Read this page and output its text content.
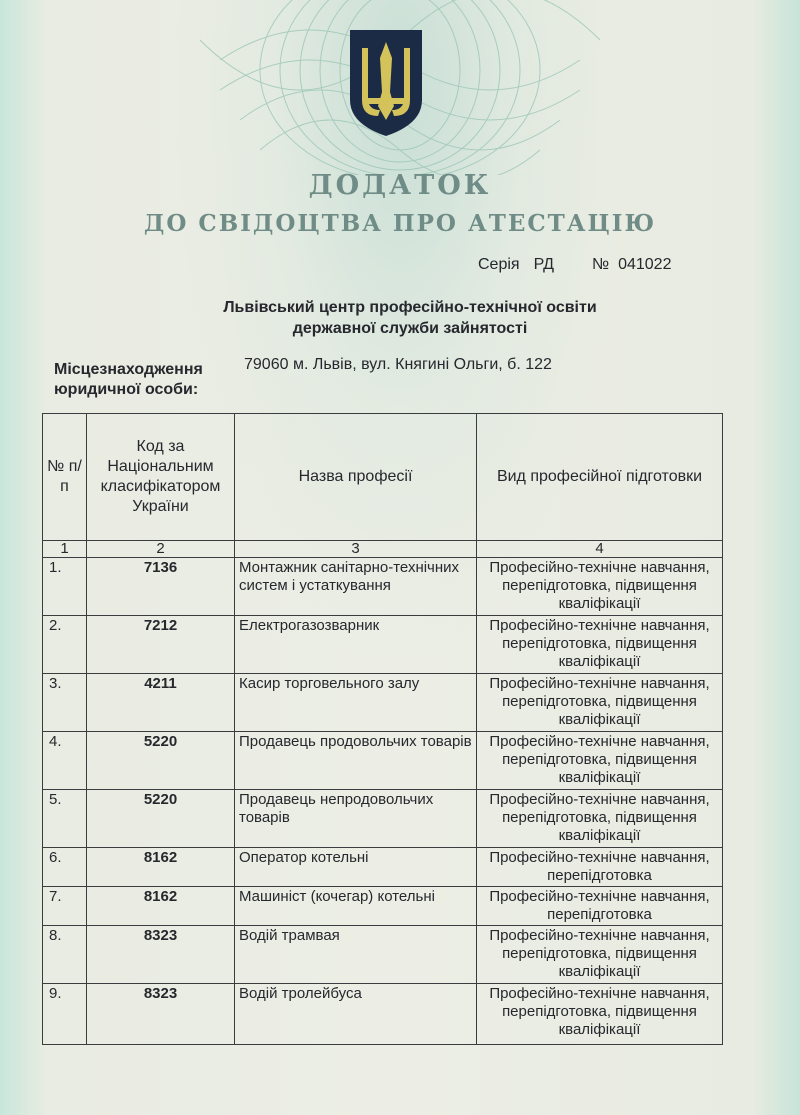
ДОДАТОК
ДО СВІДОЦТВА ПРО АТЕСТАЦІЮ
Серія РД № 041022
Львівський центр професійно-технічної освіти
державної служби зайнятості
Місцезнаходження
юридичної особи:
79060 м. Львів, вул. Княгині Ольги, б. 122
№ п/п	Код за Національним класифікатором України	Назва професії	Вид професійної підготовки
1	2	3	4
1.	7136	Монтажник санітарно-технічних систем і устаткування	Професійно-технічне навчання, перепідготовка, підвищення кваліфікації
2.	7212	Електрогазозварник	Професійно-технічне навчання, перепідготовка, підвищення кваліфікації
3.	4211	Касир торговельного залу	Професійно-технічне навчання, перепідготовка, підвищення кваліфікації
4.	5220	Продавець продовольчих товарів	Професійно-технічне навчання, перепідготовка, підвищення кваліфікації
5.	5220	Продавець непродовольчих товарів	Професійно-технічне навчання, перепідготовка, підвищення кваліфікації
6.	8162	Оператор котельні	Професійно-технічне навчання, перепідготовка
7.	8162	Машиніст (кочегар) котельні	Професійно-технічне навчання, перепідготовка
8.	8323	Водій трамвая	Професійно-технічне навчання, перепідготовка, підвищення кваліфікації
9.	8323	Водій тролейбуса	Професійно-технічне навчання, перепідготовка, підвищення кваліфікації
